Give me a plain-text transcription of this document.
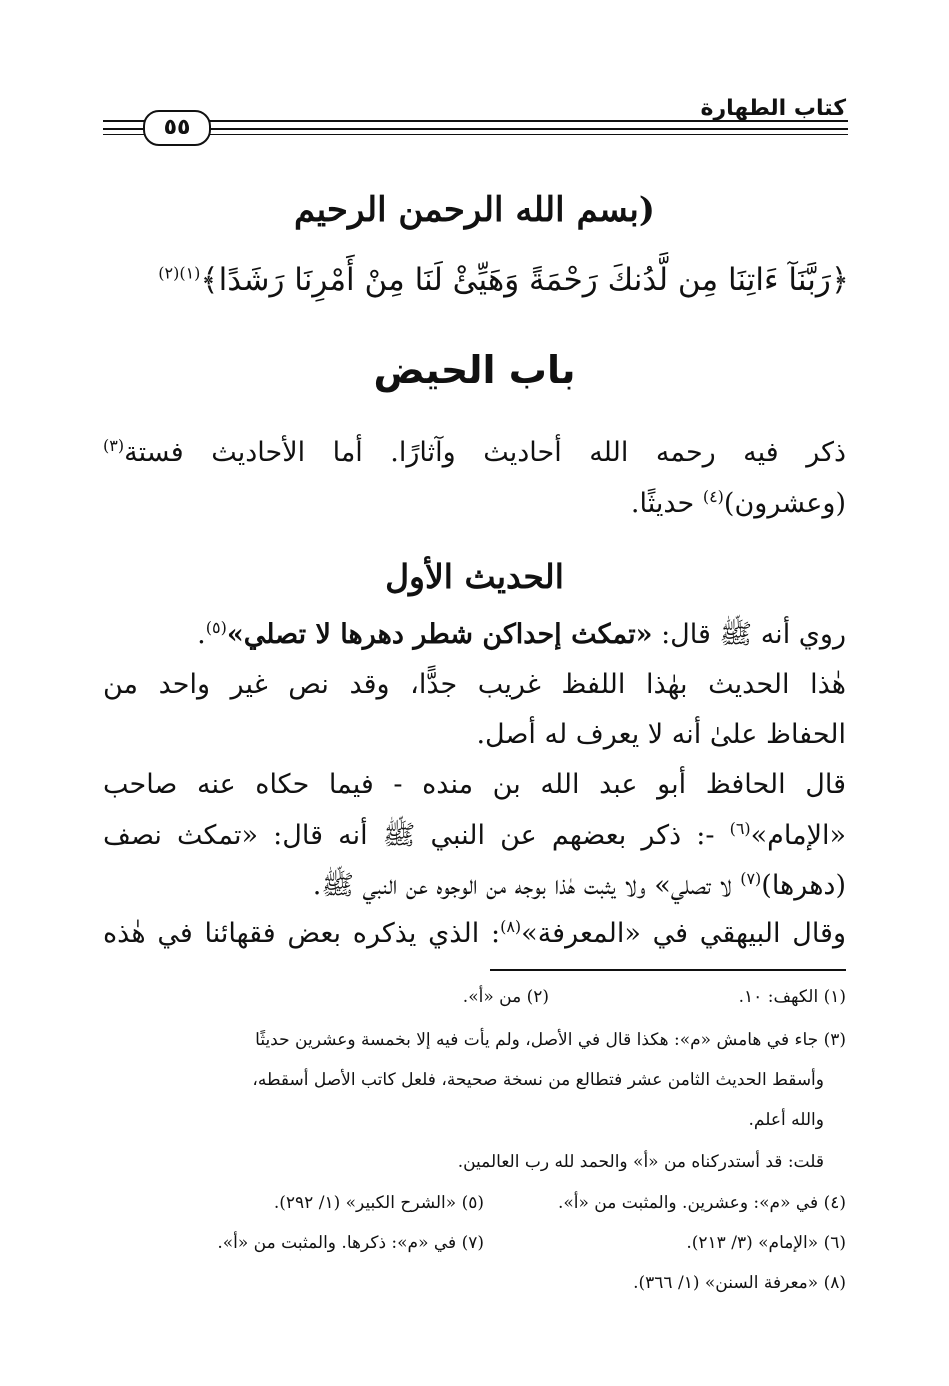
كتاب الطهارة
٥٥
(بسم الله الرحمن الرحيم
﴿رَبَّنَآ ءَاتِنَا مِن لَّدُنكَ رَحْمَةً وَهَيِّئْ لَنَا مِنْ أَمْرِنَا رَشَدًا﴾$^{(١)(٢)}$
باب الحيض
ذكر فيه رحمه الله أحاديث وآثارًا. أما الأحاديث فستة$^{(٣)}$
(وعشرون)$^{(٤)}$ حديثًا.
الحديث الأول
روي أنه ﷺ قال: «تمكث إحداكن شطر دهرها لا تصلي»$^{(٥)}$.
هٰذا الحديث بهٰذا اللفظ غريب جدًّا، وقد نص غير واحد من
الحفاظ علىٰ أنه لا يعرف له أصل.
قال الحافظ أبو عبد الله بن منده - فيما حكاه عنه صاحب
«الإمام»$^{(٦)}$ -: ذكر بعضهم عن النبي ﷺ أنه قال: «تمكث نصف
(دهرها)$^{(٧)}$ لا تصلي» ولا يثبت هٰذا بوجه من الوجوه عن النبي ﷺ.
وقال البيهقي في «المعرفة»$^{(٨)}$: الذي يذكره بعض فقهائنا في هٰذه
(١) الكهف: ١٠.
(٢) من «أ».
(٣) جاء في هامش «م»: هكذا قال في الأصل، ولم يأت فيه إلا بخمسة وعشرين حديثًا
وأسقط الحديث الثامن عشر فتطالع من نسخة صحيحة، فلعل كاتب الأصل أسقطه،
والله أعلم.
قلت: قد أستدركناه من «أ» والحمد لله رب العالمين.
(٤) في «م»: وعشرين. والمثبت من «أ».
(٥) «الشرح الكبير» (١/ ٢٩٢).
(٦) «الإمام» (٣/ ٢١٣).
(٧) في «م»: ذكرها. والمثبت من «أ».
(٨) «معرفة السنن» (١/ ٣٦٦).
